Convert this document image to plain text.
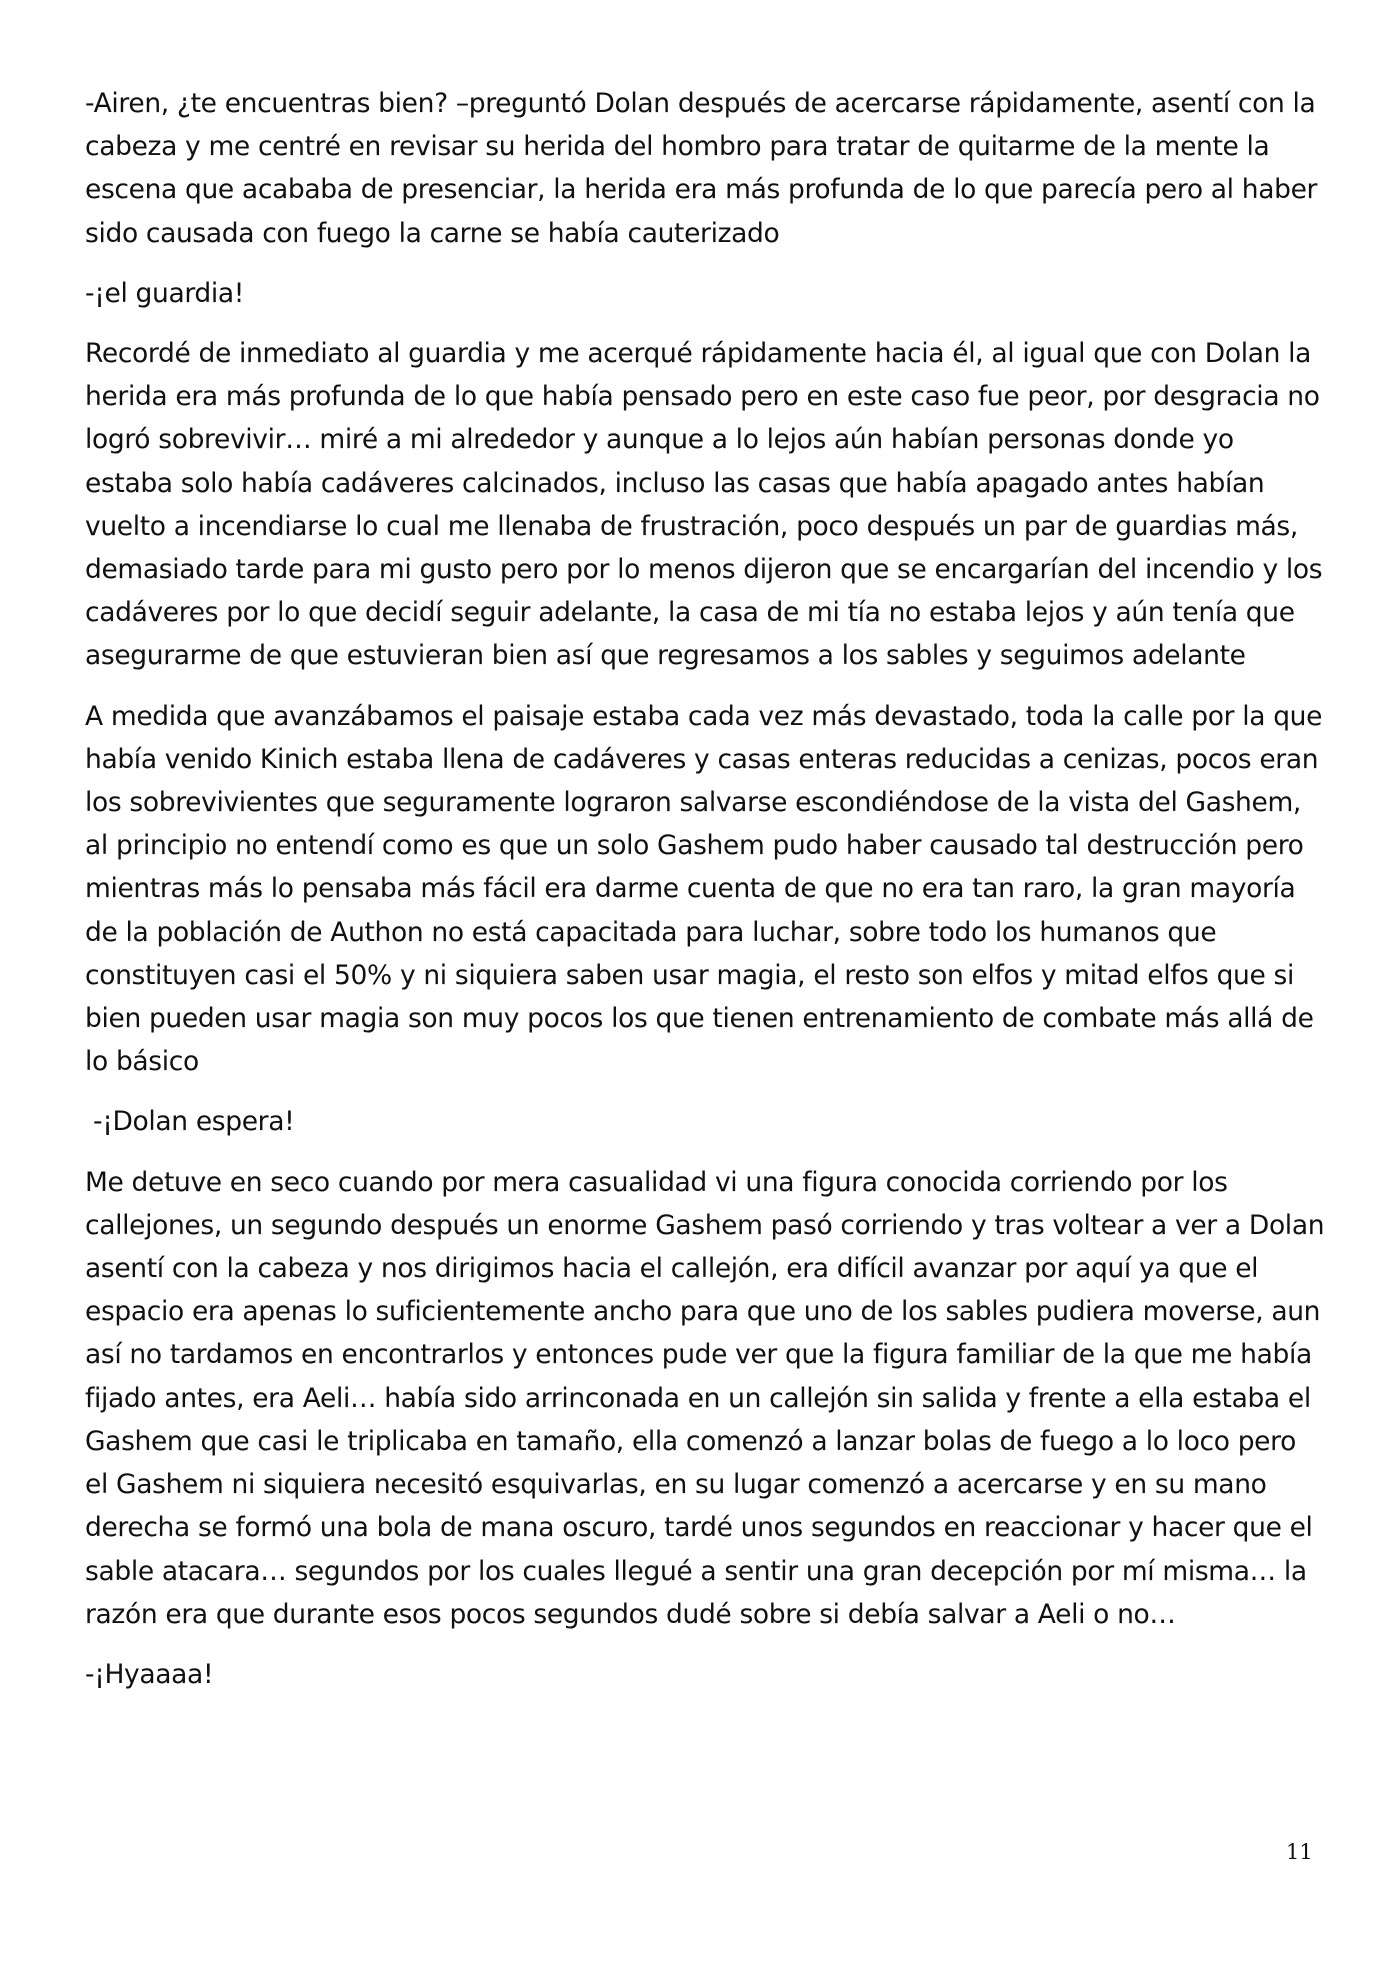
-Airen, ¿te encuentras bien? –preguntó Dolan después de acercarse rápidamente, asentí con la cabeza y me centré en revisar su herida del hombro para tratar de quitarme de la mente la escena que acababa de presenciar, la herida era más profunda de lo que parecía pero al haber sido causada con fuego la carne se había cauterizado

-¡el guardia!

Recordé de inmediato al guardia y me acerqué rápidamente hacia él, al igual que con Dolan la herida era más profunda de lo que había pensado pero en este caso fue peor, por desgracia no logró sobrevivir… miré a mi alrededor y aunque a lo lejos aún habían personas donde yo estaba solo había cadáveres calcinados, incluso las casas que había apagado antes habían vuelto a incendiarse lo cual me llenaba de frustración, poco después un par de guardias más, demasiado tarde para mi gusto pero por lo menos dijeron que se encargarían del incendio y los cadáveres por lo que decidí seguir adelante, la casa de mi tía no estaba lejos y aún tenía que asegurarme de que estuvieran bien así que regresamos a los sables y seguimos adelante

A medida que avanzábamos el paisaje estaba cada vez más devastado, toda la calle por la que había venido Kinich estaba llena de cadáveres y casas enteras reducidas a cenizas, pocos eran los sobrevivientes que seguramente lograron salvarse escondiéndose de la vista del Gashem, al principio no entendí como es que un solo Gashem pudo haber causado tal destrucción pero mientras más lo pensaba más fácil era darme cuenta de que no era tan raro, la gran mayoría de la población de Authon no está capacitada para luchar, sobre todo los humanos que constituyen casi el 50% y ni siquiera saben usar magia, el resto son elfos y mitad elfos que si bien pueden usar magia son muy pocos los que tienen entrenamiento de combate más allá de lo básico

-¡Dolan espera!

Me detuve en seco cuando por mera casualidad vi una figura conocida corriendo por los callejones, un segundo después un enorme Gashem pasó corriendo y tras voltear a ver a Dolan asentí con la cabeza y nos dirigimos hacia el callejón, era difícil avanzar por aquí ya que el espacio era apenas lo suficientemente ancho para que uno de los sables pudiera moverse, aun así no tardamos en encontrarlos y entonces pude ver que la figura familiar de la que me había fijado antes, era Aeli… había sido arrinconada en un callejón sin salida y frente a ella estaba el Gashem que casi le triplicaba en tamaño, ella comenzó a lanzar bolas de fuego a lo loco pero el Gashem ni siquiera necesitó esquivarlas, en su lugar comenzó a acercarse y en su mano derecha se formó una bola de mana oscuro, tardé unos segundos en reaccionar y hacer que el sable atacara… segundos por los cuales llegué a sentir una gran decepción por mí misma… la razón era que durante esos pocos segundos dudé sobre si debía salvar a Aeli o no…

-¡Hyaaaa!

11
